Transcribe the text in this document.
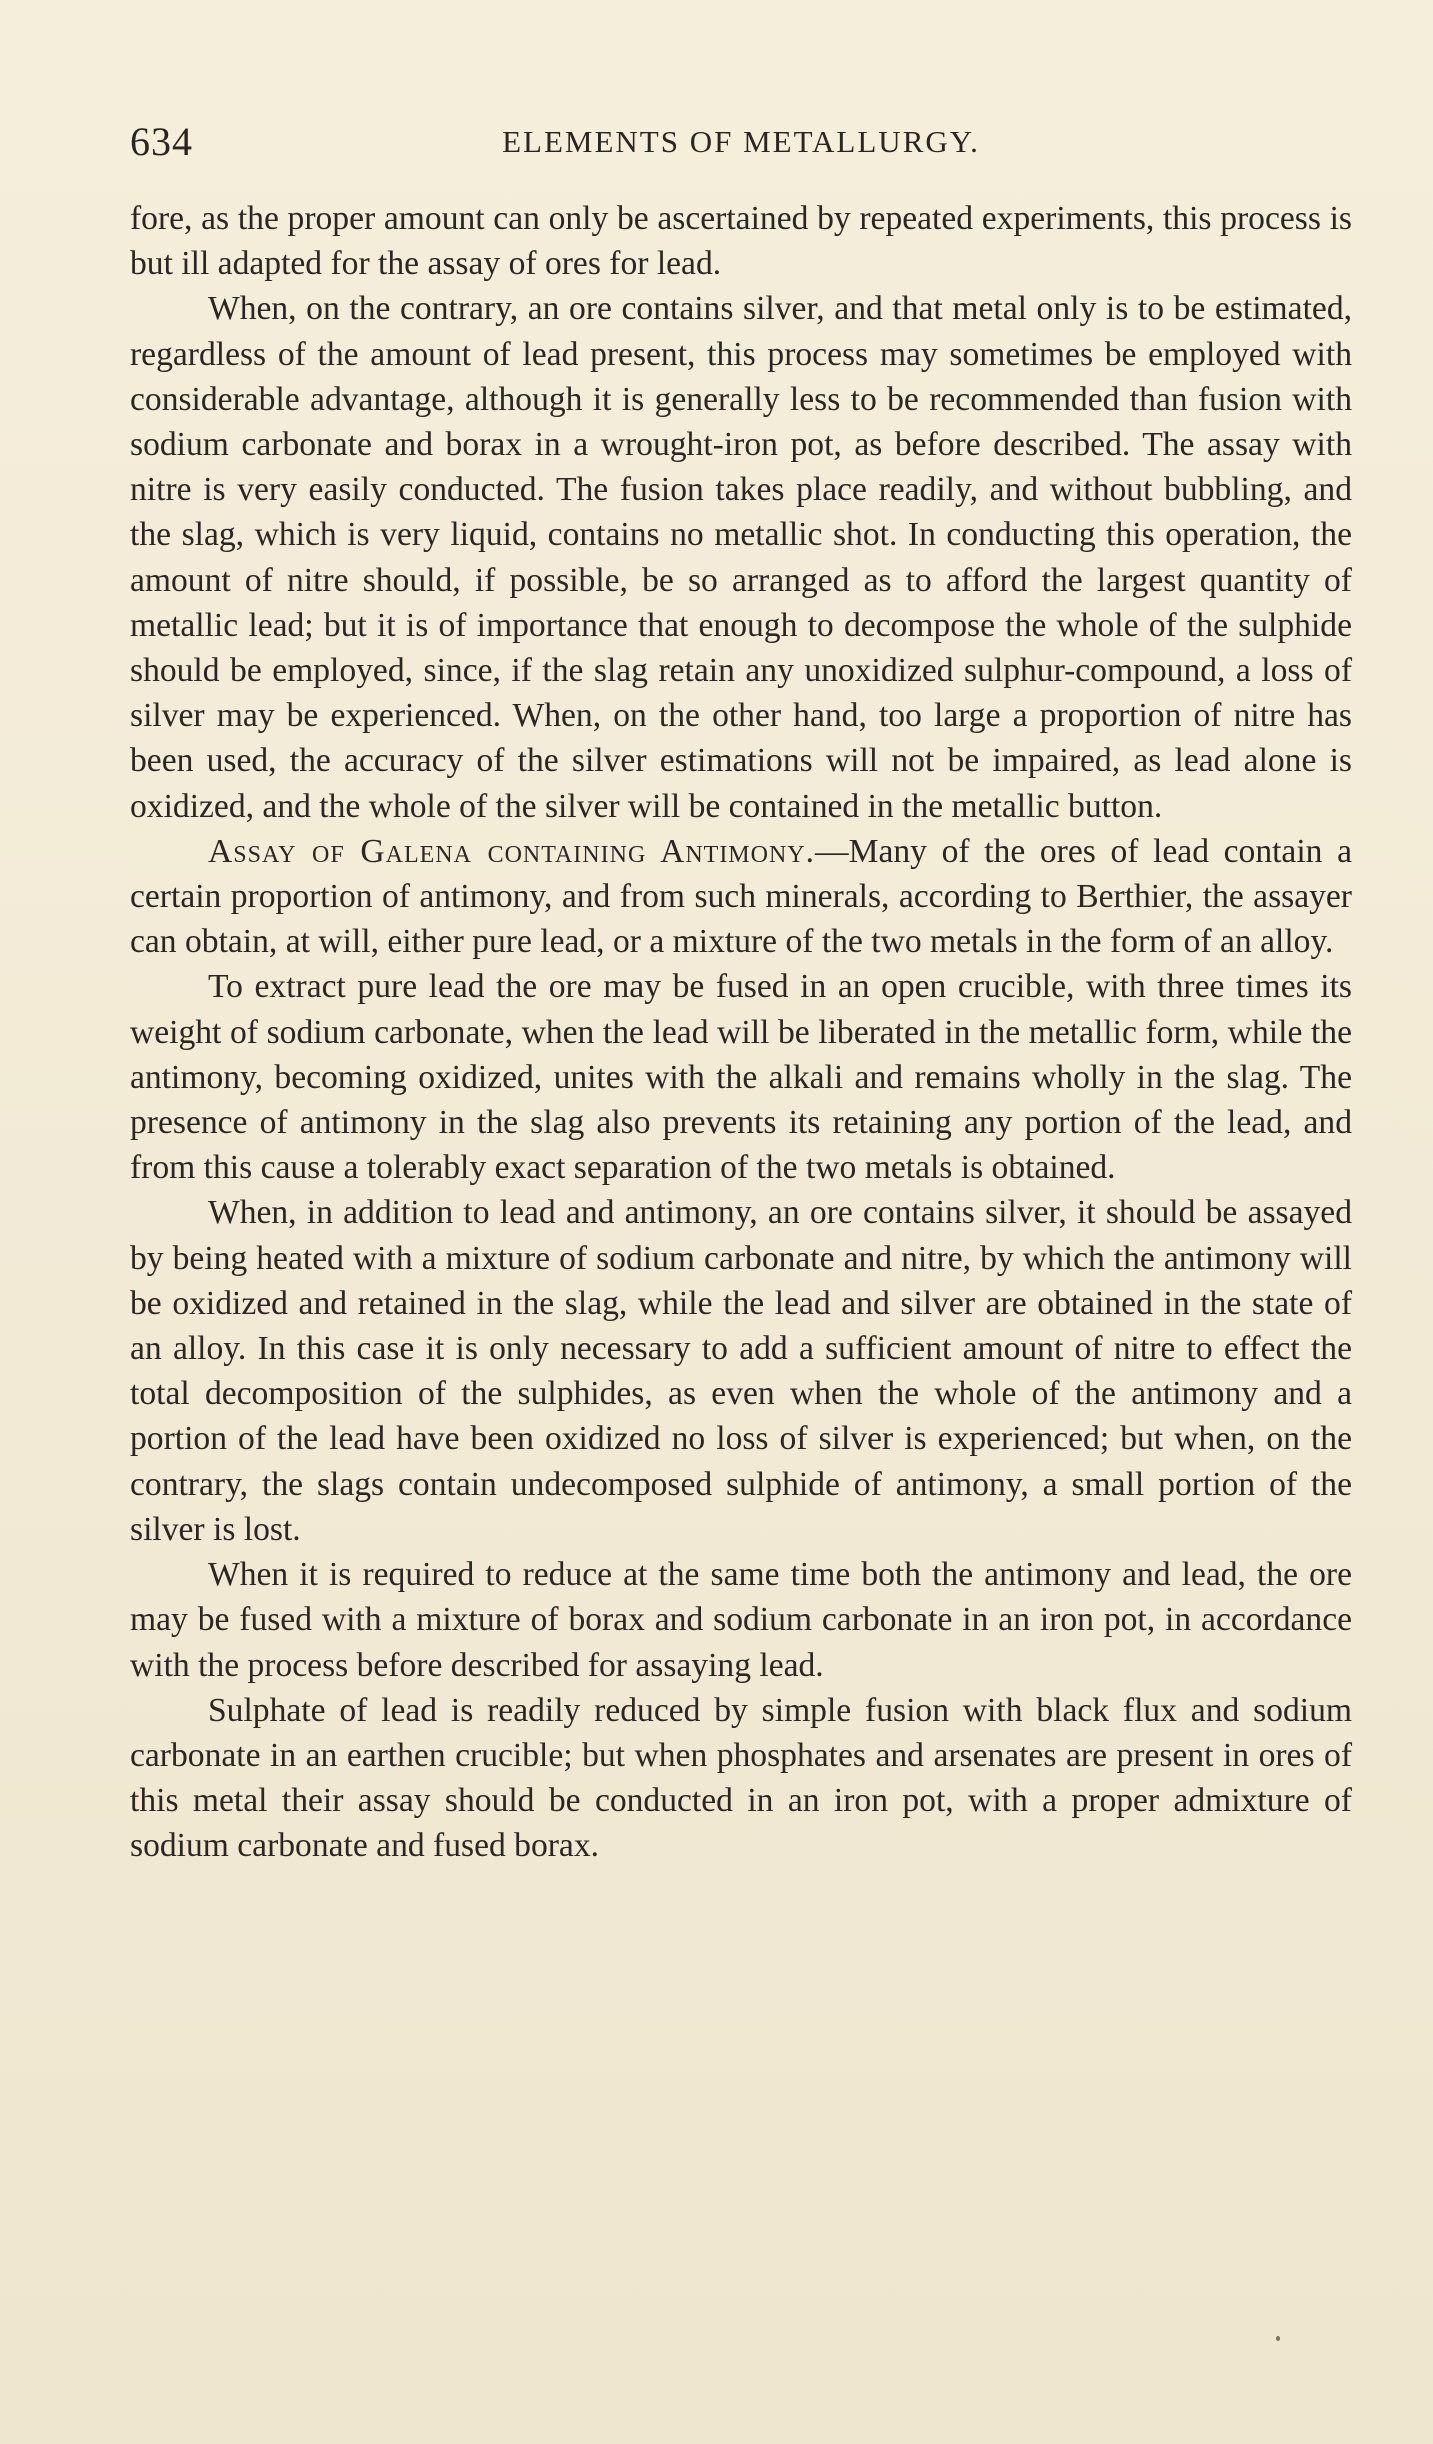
634	ELEMENTS OF METALLURGY.

fore, as the proper amount can only be ascertained by repeated experiments, this process is but ill adapted for the assay of ores for lead.

When, on the contrary, an ore contains silver, and that metal only is to be estimated, regardless of the amount of lead present, this process may sometimes be employed with considerable advantage, although it is generally less to be recommended than fusion with sodium carbonate and borax in a wrought-iron pot, as before described. The assay with nitre is very easily conducted. The fusion takes place readily, and without bubbling, and the slag, which is very liquid, contains no metallic shot. In conducting this operation, the amount of nitre should, if possible, be so arranged as to afford the largest quantity of metallic lead; but it is of importance that enough to decompose the whole of the sulphide should be employed, since, if the slag retain any unoxidized sulphur-compound, a loss of silver may be experienced. When, on the other hand, too large a proportion of nitre has been used, the accuracy of the silver estimations will not be impaired, as lead alone is oxidized, and the whole of the silver will be contained in the metallic button.

Assay of Galena containing Antimony.—Many of the ores of lead contain a certain proportion of antimony, and from such minerals, according to Berthier, the assayer can obtain, at will, either pure lead, or a mixture of the two metals in the form of an alloy.

To extract pure lead the ore may be fused in an open crucible, with three times its weight of sodium carbonate, when the lead will be liberated in the metallic form, while the antimony, becoming oxidized, unites with the alkali and remains wholly in the slag. The presence of antimony in the slag also prevents its retaining any portion of the lead, and from this cause a tolerably exact separation of the two metals is obtained.

When, in addition to lead and antimony, an ore contains silver, it should be assayed by being heated with a mixture of sodium carbonate and nitre, by which the antimony will be oxidized and retained in the slag, while the lead and silver are obtained in the state of an alloy. In this case it is only necessary to add a sufficient amount of nitre to effect the total decomposition of the sulphides, as even when the whole of the antimony and a portion of the lead have been oxidized no loss of silver is experienced; but when, on the contrary, the slags contain undecomposed sulphide of antimony, a small portion of the silver is lost.

When it is required to reduce at the same time both the antimony and lead, the ore may be fused with a mixture of borax and sodium carbonate in an iron pot, in accordance with the process before described for assaying lead.

Sulphate of lead is readily reduced by simple fusion with black flux and sodium carbonate in an earthen crucible; but when phosphates and arsenates are present in ores of this metal their assay should be conducted in an iron pot, with a proper admixture of sodium carbonate and fused borax.
